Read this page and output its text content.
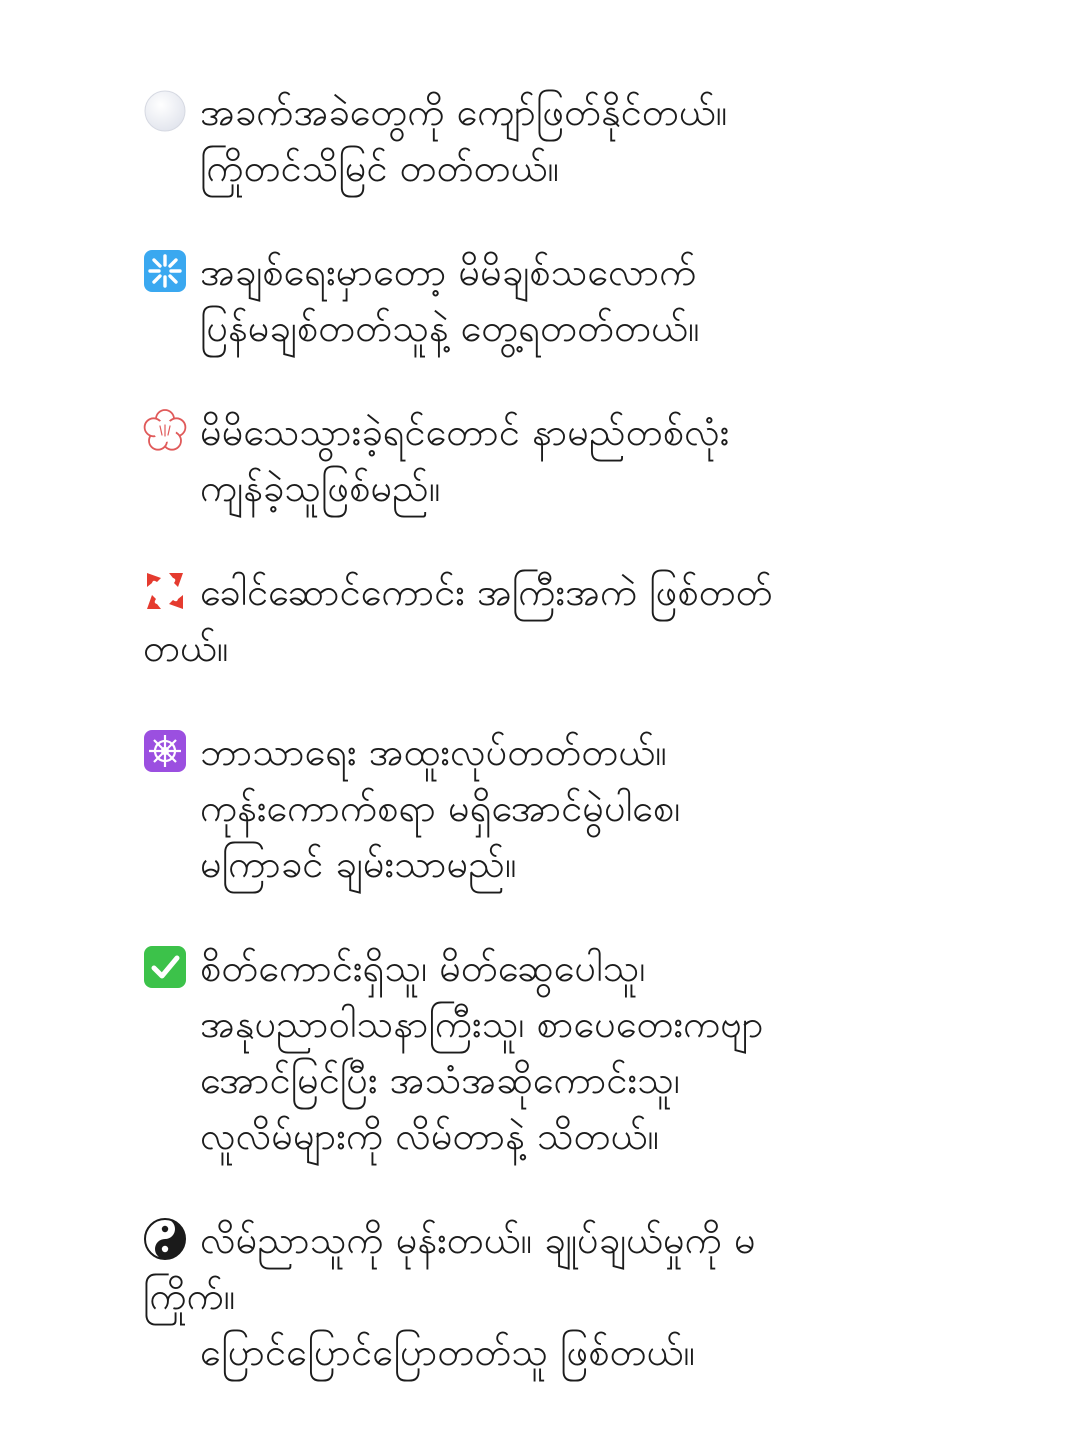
အခက်အခဲတွေကို ကျော်ဖြတ်နိုင်တယ်။
ကြိုတင်သိမြင် တတ်တယ်။
အချစ်ရေးမှာတော့ မိမိချစ်သလောက်
ပြန်မချစ်တတ်သူနဲ့ တွေ့ရတတ်တယ်။
မိမိသေသွားခဲ့ရင်တောင် နာမည်တစ်လုံး
ကျန်ခဲ့သူဖြစ်မည်။
ခေါင်ဆောင်ကောင်း အကြီးအကဲ ဖြစ်တတ်
တယ်။
ဘာသာရေး အထူးလုပ်တတ်တယ်။
ကုန်းကောက်စရာ မရှိအောင်မွဲပါစေ၊
မကြာခင် ချမ်းသာမည်။
စိတ်ကောင်းရှိသူ၊ မိတ်ဆွေပေါသူ၊
အနုပညာဝါသနာကြီးသူ၊ စာပေတေးကဗျာ
အောင်မြင်ပြီး အသံအဆိုကောင်းသူ၊
လူလိမ်များကို လိမ်တာနဲ့ သိတယ်။
လိမ်ညာသူကို မုန်းတယ်။ ချုပ်ချယ်မှုကို မ
ကြိုက်။
ပြောင်ပြောင်ပြောတတ်သူ ဖြစ်တယ်။
